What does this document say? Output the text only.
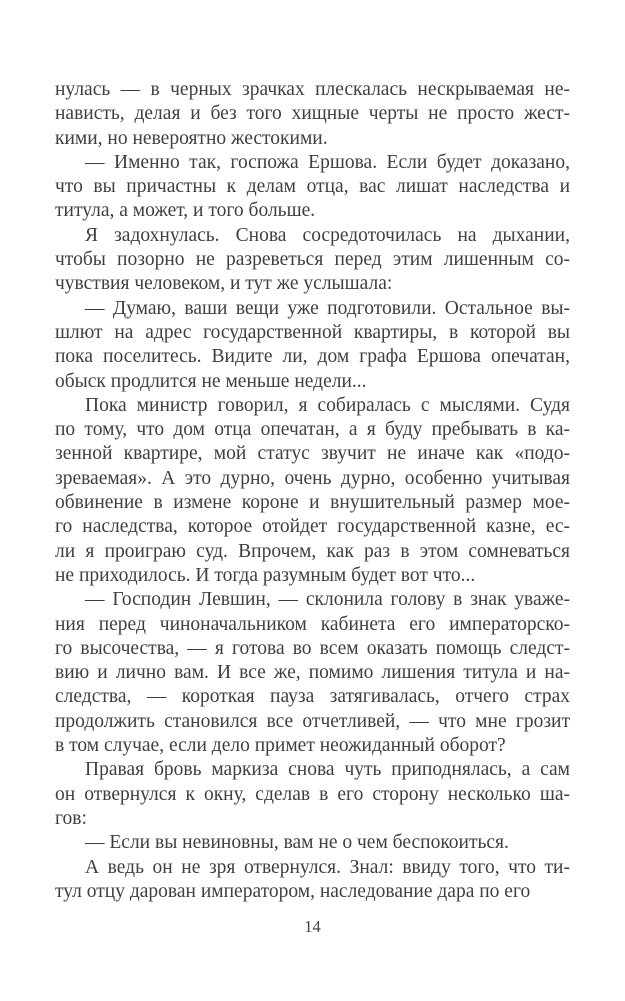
нулась — в черных зрачках плескалась нескрываемая не-
нависть, делая и без того хищные черты не просто жест-
кими, но невероятно жестокими.
— Именно так, госпожа Ершова. Если будет доказано,
что вы причастны к делам отца, вас лишат наследства и
титула, а может, и того больше.
Я задохнулась. Снова сосредоточилась на дыхании,
чтобы позорно не разреветься перед этим лишенным со-
чувствия человеком, и тут же услышала:
— Думаю, ваши вещи уже подготовили. Остальное вы-
шлют на адрес государственной квартиры, в которой вы
пока поселитесь. Видите ли, дом графа Ершова опечатан,
обыск продлится не меньше недели...
Пока министр говорил, я собиралась с мыслями. Судя
по тому, что дом отца опечатан, а я буду пребывать в ка-
зенной квартире, мой статус звучит не иначе как «подо-
зреваемая». А это дурно, очень дурно, особенно учитывая
обвинение в измене короне и внушительный размер мое-
го наследства, которое отойдет государственной казне, ес-
ли я проиграю суд. Впрочем, как раз в этом сомневаться
не приходилось. И тогда разумным будет вот что...
— Господин Левшин, — склонила голову в знак уваже-
ния перед чиноначальником кабинета его императорско-
го высочества, — я готова во всем оказать помощь следст-
вию и лично вам. И все же, помимо лишения титула и на-
следства, — короткая пауза затягивалась, отчего страх
продолжить становился все отчетливей, — что мне грозит
в том случае, если дело примет неожиданный оборот?
Правая бровь маркиза снова чуть приподнялась, а сам
он отвернулся к окну, сделав в его сторону несколько ша-
гов:
— Если вы невиновны, вам не о чем беспокоиться.
А ведь он не зря отвернулся. Знал: ввиду того, что ти-
тул отцу дарован императором, наследование дара по его
14
